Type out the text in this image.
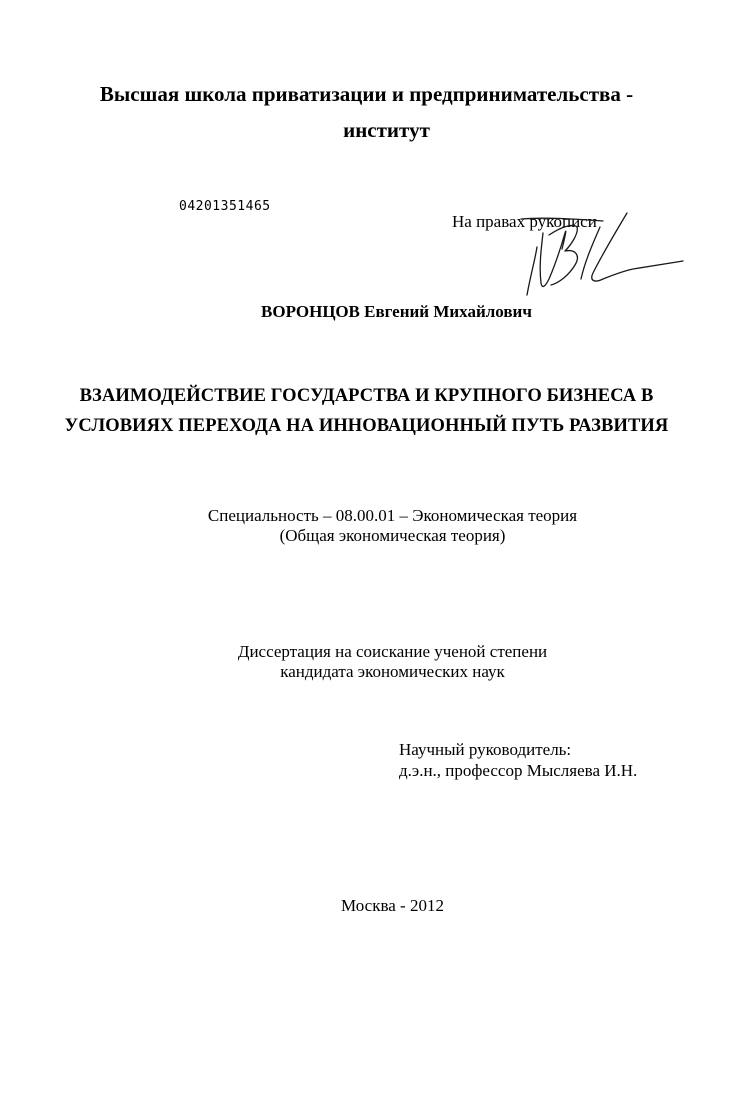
Высшая школа приватизации и предпринимательства -
институт
04201351465
На правах рукописи
ВОРОНЦОВ Евгений Михайлович
ВЗАИМОДЕЙСТВИЕ ГОСУДАРСТВА И КРУПНОГО БИЗНЕСА В
УСЛОВИЯХ ПЕРЕХОДА НА ИННОВАЦИОННЫЙ ПУТЬ РАЗВИТИЯ
Специальность – 08.00.01 – Экономическая теория
(Общая экономическая теория)
Диссертация на соискание ученой степени
кандидата экономических наук
Научный руководитель:
д.э.н., профессор Мысляева И.Н.
Москва - 2012
